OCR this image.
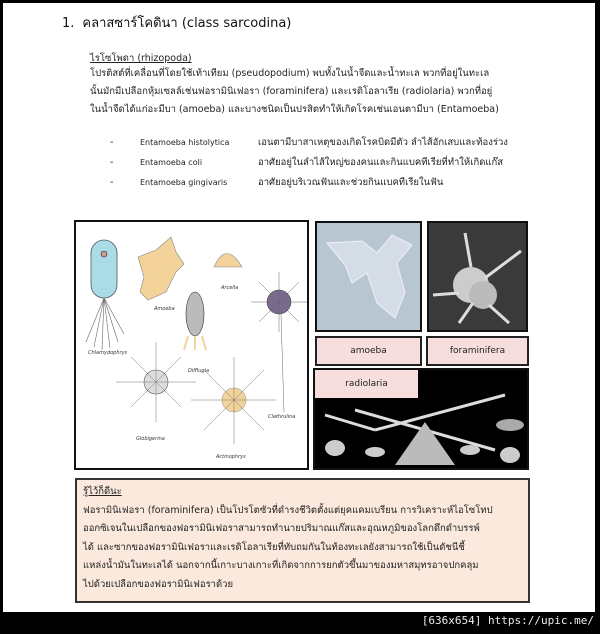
1. คลาสซาร์โคดินา (class sarcodina)
ไรโซโพดา (rhizopoda)
โปรติสต์ที่เคลื่อนที่โดยใช้เท้าเทียม (pseudopodium) พบทั้งในน้ำจืดและน้ำทะเล พวกที่อยู่ในทะเล
นั้นมักมีเปลือกหุ้มเซลล์เช่นฟอรามินิเฟอรา (foraminifera) และเรดิโอลาเรีย (radiolaria) พวกที่อยู่
ในน้ำจืดได้แก่อะมีบา (amoeba) และบางชนิดเป็นปรสิตทำให้เกิดโรคเช่นเอนตามีบา (Entamoeba)
-	Entamoeba histolytica	เอนตามีบาสาเหตุของเกิดโรคบิดมีตัว ลำไส้อักเสบและท้องร่วง
-	Entamoeba coli	อาศัยอยู่ในลำไส้ใหญ่ของคนและกินแบคทีเรียที่ทำให้เกิดแก๊ส
-	Entamoeba gingivaris	อาศัยอยู่บริเวณฟันและช่วยกินแบคทีเรียในฟัน
Chlamydophrys
Amoeba
Arcella
Difflugia
Clathrulina
Globigerina
Actinophrys
amoeba	foraminifera
radiolaria
รู้ไว้ก็ดีนะ

ฟอรามินิเฟอรา (foraminifera) เป็นโปรโตซัวที่ดำรงชีวิตตั้งแต่ยุคแคมเบรียน การวิเคราะห์ไอโซโทป

ออกซิเจนในเปลือกของฟอรามินิเฟอราสามารถทำนายปริมาณแก๊สและอุณหภูมิของโลกดึกดำบรรพ์

ได้ และซากของฟอรามินิเฟอราและเรดิโอลาเรียที่ทับถมกันในท้องทะเลยังสามารถใช้เป็นดัชนีชี้

แหล่งน้ำมันในทะเลได้ นอกจากนี้เกาะบางเกาะที่เกิดจากการยกตัวขึ้นมาของมหาสมุทรอาจปกคลุม

ไปด้วยเปลือกของฟอรามินิเฟอราด้วย

[636x654] https://upic.me/
